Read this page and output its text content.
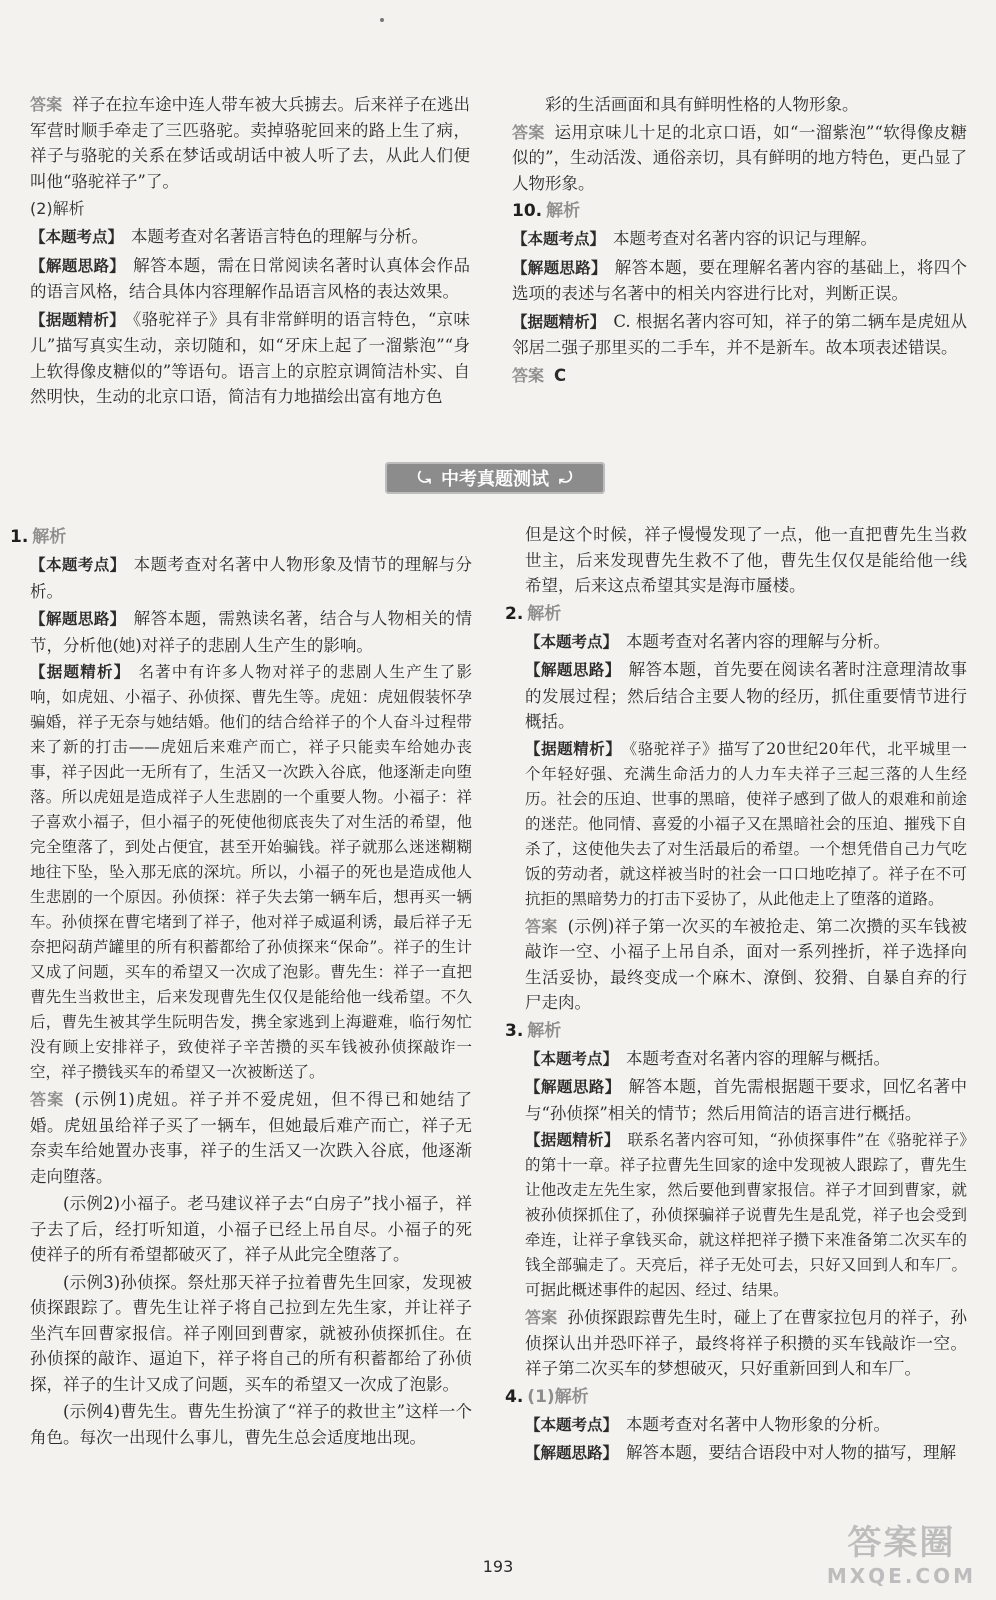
答案 祥子在拉车途中连人带车被大兵掳去。后来祥子在逃出军营时顺手牵走了三匹骆驼。卖掉骆驼回来的路上生了病，祥子与骆驼的关系在梦话或胡话中被人听了去，从此人们便叫他“骆驼祥子”了。

(2)解析

【本题考点】 本题考查对名著语言特色的理解与分析。

【解题思路】 解答本题，需在日常阅读名著时认真体会作品的语言风格，结合具体内容理解作品语言风格的表达效果。

【据题精析】 《骆驼祥子》具有非常鲜明的语言特色，“京味儿”描写真实生动，亲切随和，如“牙床上起了一溜紫泡”“身上软得像皮糖似的”等语句。语言上的京腔京调简洁朴实、自然明快，生动的北京口语，简洁有力地描绘出富有地方色

彩的生活画面和具有鲜明性格的人物形象。

答案 运用京味儿十足的北京口语，如“一溜紫泡”“软得像皮糖似的”，生动活泼、通俗亲切，具有鲜明的地方特色，更凸显了人物形象。

10. 解析

【本题考点】 本题考查对名著内容的识记与理解。

【解题思路】 解答本题，要在理解名著内容的基础上，将四个选项的表述与名著中的相关内容进行比对，判断正误。

【据题精析】 C. 根据名著内容可知，祥子的第二辆车是虎妞从邻居二强子那里买的二手车，并不是新车。故本项表述错误。

答案 C

⤿ 中考真题测试 ⤾

1. 解析

【本题考点】 本题考查对名著中人物形象及情节的理解与分析。

【解题思路】 解答本题，需熟读名著，结合与人物相关的情节，分析他(她)对祥子的悲剧人生产生的影响。

【据题精析】 名著中有许多人物对祥子的悲剧人生产生了影响，如虎妞、小福子、孙侦探、曹先生等。虎妞：虎妞假装怀孕骗婚，祥子无奈与她结婚。他们的结合给祥子的个人奋斗过程带来了新的打击——虎妞后来难产而亡，祥子只能卖车给她办丧事，祥子因此一无所有了，生活又一次跌入谷底，他逐渐走向堕落。所以虎妞是造成祥子人生悲剧的一个重要人物。小福子：祥子喜欢小福子，但小福子的死使他彻底丧失了对生活的希望，他完全堕落了，到处占便宜，甚至开始骗钱。祥子就那么迷迷糊糊地往下坠，坠入那无底的深坑。所以，小福子的死也是造成他人生悲剧的一个原因。孙侦探：祥子失去第一辆车后，想再买一辆车。孙侦探在曹宅堵到了祥子，他对祥子威逼利诱，最后祥子无奈把闷葫芦罐里的所有积蓄都给了孙侦探来“保命”。祥子的生计又成了问题，买车的希望又一次成了泡影。曹先生：祥子一直把曹先生当救世主，后来发现曹先生仅仅是能给他一线希望。不久后，曹先生被其学生阮明告发，携全家逃到上海避难，临行匆忙没有顾上安排祥子，致使祥子辛苦攒的买车钱被孙侦探敲诈一空，祥子攒钱买车的希望又一次被断送了。

答案 (示例1)虎妞。祥子并不爱虎妞，但不得已和她结了婚。虎妞虽给祥子买了一辆车，但她最后难产而亡，祥子无奈卖车给她置办丧事，祥子的生活又一次跌入谷底，他逐渐走向堕落。

(示例2)小福子。老马建议祥子去“白房子”找小福子，祥子去了后，经打听知道，小福子已经上吊自尽。小福子的死使祥子的所有希望都破灭了，祥子从此完全堕落了。

(示例3)孙侦探。祭灶那天祥子拉着曹先生回家，发现被侦探跟踪了。曹先生让祥子将自己拉到左先生家，并让祥子坐汽车回曹家报信。祥子刚回到曹家，就被孙侦探抓住。在孙侦探的敲诈、逼迫下，祥子将自己的所有积蓄都给了孙侦探，祥子的生计又成了问题，买车的希望又一次成了泡影。

(示例4)曹先生。曹先生扮演了“祥子的救世主”这样一个角色。每次一出现什么事儿，曹先生总会适度地出现。

但是这个时候，祥子慢慢发现了一点，他一直把曹先生当救世主，后来发现曹先生救不了他，曹先生仅仅是能给他一线希望，后来这点希望其实是海市蜃楼。

2. 解析

【本题考点】 本题考查对名著内容的理解与分析。

【解题思路】 解答本题，首先要在阅读名著时注意理清故事的发展过程；然后结合主要人物的经历，抓住重要情节进行概括。

【据题精析】 《骆驼祥子》描写了20世纪20年代，北平城里一个年轻好强、充满生命活力的人力车夫祥子三起三落的人生经历。社会的压迫、世事的黑暗，使祥子感到了做人的艰难和前途的迷茫。他同情、喜爱的小福子又在黑暗社会的压迫、摧残下自杀了，这使他失去了对生活最后的希望。一个想凭借自己力气吃饭的劳动者，就这样被当时的社会一口口地吃掉了。祥子在不可抗拒的黑暗势力的打击下妥协了，从此他走上了堕落的道路。

答案 (示例)祥子第一次买的车被抢走、第二次攒的买车钱被敲诈一空、小福子上吊自杀，面对一系列挫折，祥子选择向生活妥协，最终变成一个麻木、潦倒、狡猾、自暴自弃的行尸走肉。

3. 解析

【本题考点】 本题考查对名著内容的理解与概括。

【解题思路】 解答本题，首先需根据题干要求，回忆名著中与“孙侦探”相关的情节；然后用简洁的语言进行概括。

【据题精析】 联系名著内容可知，“孙侦探事件”在《骆驼祥子》的第十一章。祥子拉曹先生回家的途中发现被人跟踪了，曹先生让他改走左先生家，然后要他到曹家报信。祥子才回到曹家，就被孙侦探抓住了，孙侦探骗祥子说曹先生是乱党，祥子也会受到牵连，让祥子拿钱买命，就这样把祥子攒下来准备第二次买车的钱全部骗走了。天亮后，祥子无处可去，只好又回到人和车厂。可据此概述事件的起因、经过、结果。

答案 孙侦探跟踪曹先生时，碰上了在曹家拉包月的祥子，孙侦探认出并恐吓祥子，最终将祥子积攒的买车钱敲诈一空。祥子第二次买车的梦想破灭，只好重新回到人和车厂。

4. (1)解析

【本题考点】 本题考查对名著中人物形象的分析。

【解题思路】 解答本题，要结合语段中对人物的描写，理解

193
答案圈
MXQE.COM
